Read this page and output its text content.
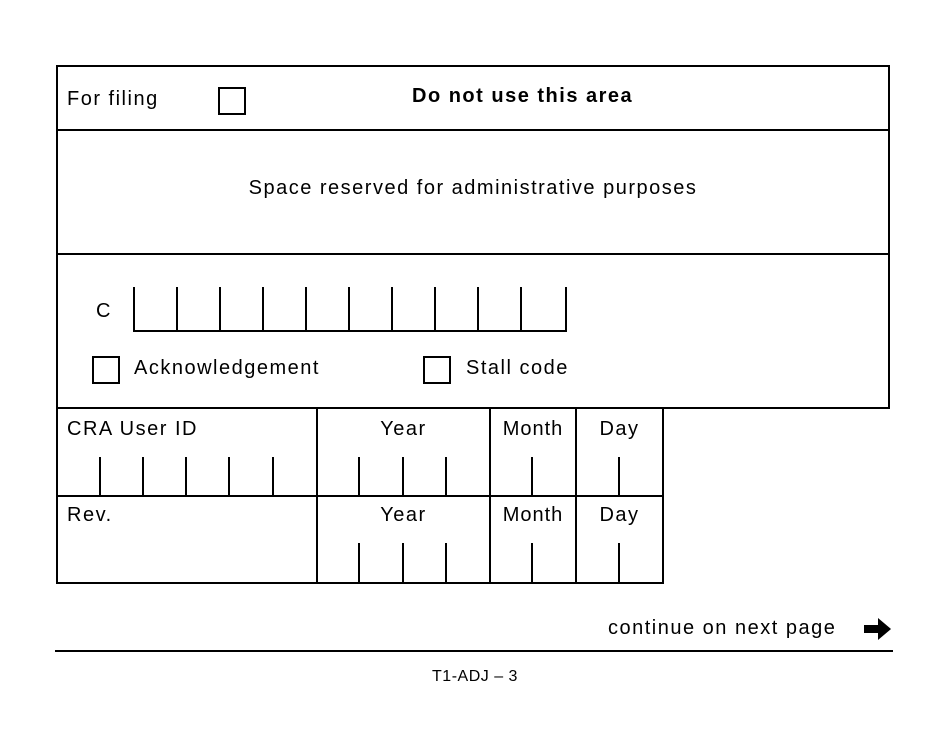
For filing	Do not use this area
Space reserved for administrative purposes
C
Acknowledgement	Stall code
CRA User ID	Year	Month	Day
Rev.	Year	Month	Day
continue on next page
T1-ADJ – 3
